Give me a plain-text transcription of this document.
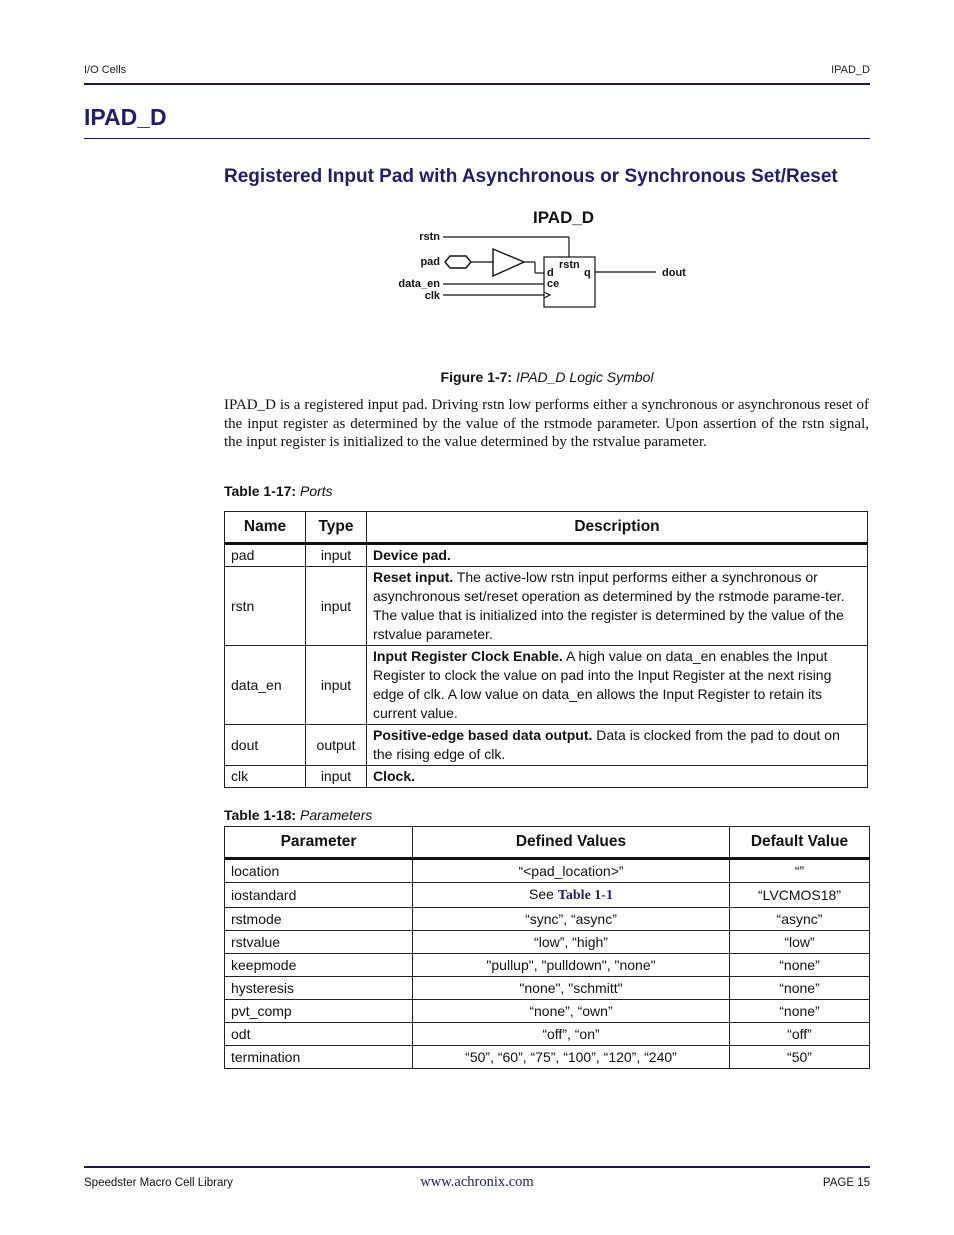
I/O Cells	IPAD_D
IPAD_D
Registered Input Pad with Asynchronous or Synchronous Set/Reset
IPAD_D
rstn
pad
data_en
clk
dout
d
ce
rstn
q
Figure 1-7: IPAD_D Logic Symbol
IPAD_D is a registered input pad. Driving rstn low performs either a synchronous or asynchronous reset of the input register as determined by the value of the rstmode parameter. Upon assertion of the rstn signal, the input register is initialized to the value determined by the rstvalue parameter.
Table 1-17: Ports
Name	Type	Description
pad	input	Device pad.
rstn	input	Reset input. The active-low rstn input performs either a synchronous or asynchronous set/reset operation as determined by the rstmode parame-ter. The value that is initialized into the register is determined by the value of the rstvalue parameter.
data_en	input	Input Register Clock Enable. A high value on data_en enables the Input Register to clock the value on pad into the Input Register at the next rising edge of clk. A low value on data_en allows the Input Register to retain its current value.
dout	output	Positive-edge based data output. Data is clocked from the pad to dout on the rising edge of clk.
clk	input	Clock.
Table 1-18: Parameters
Parameter	Defined Values	Default Value
location	“<pad_location>”	“”
iostandard	See Table 1-1	“LVCMOS18”
rstmode	“sync”, “async”	“async”
rstvalue	“low”, “high”	“low”
keepmode	"pullup", "pulldown", "none"	“none”
hysteresis	"none", "schmitt"	“none”
pvt_comp	“none”, “own”	“none”
odt	“off”, “on”	“off”
termination	“50”, “60”, “75”, “100”, “120”, “240”	“50”
Speedster Macro Cell Library	www.achronix.com	PAGE 15
